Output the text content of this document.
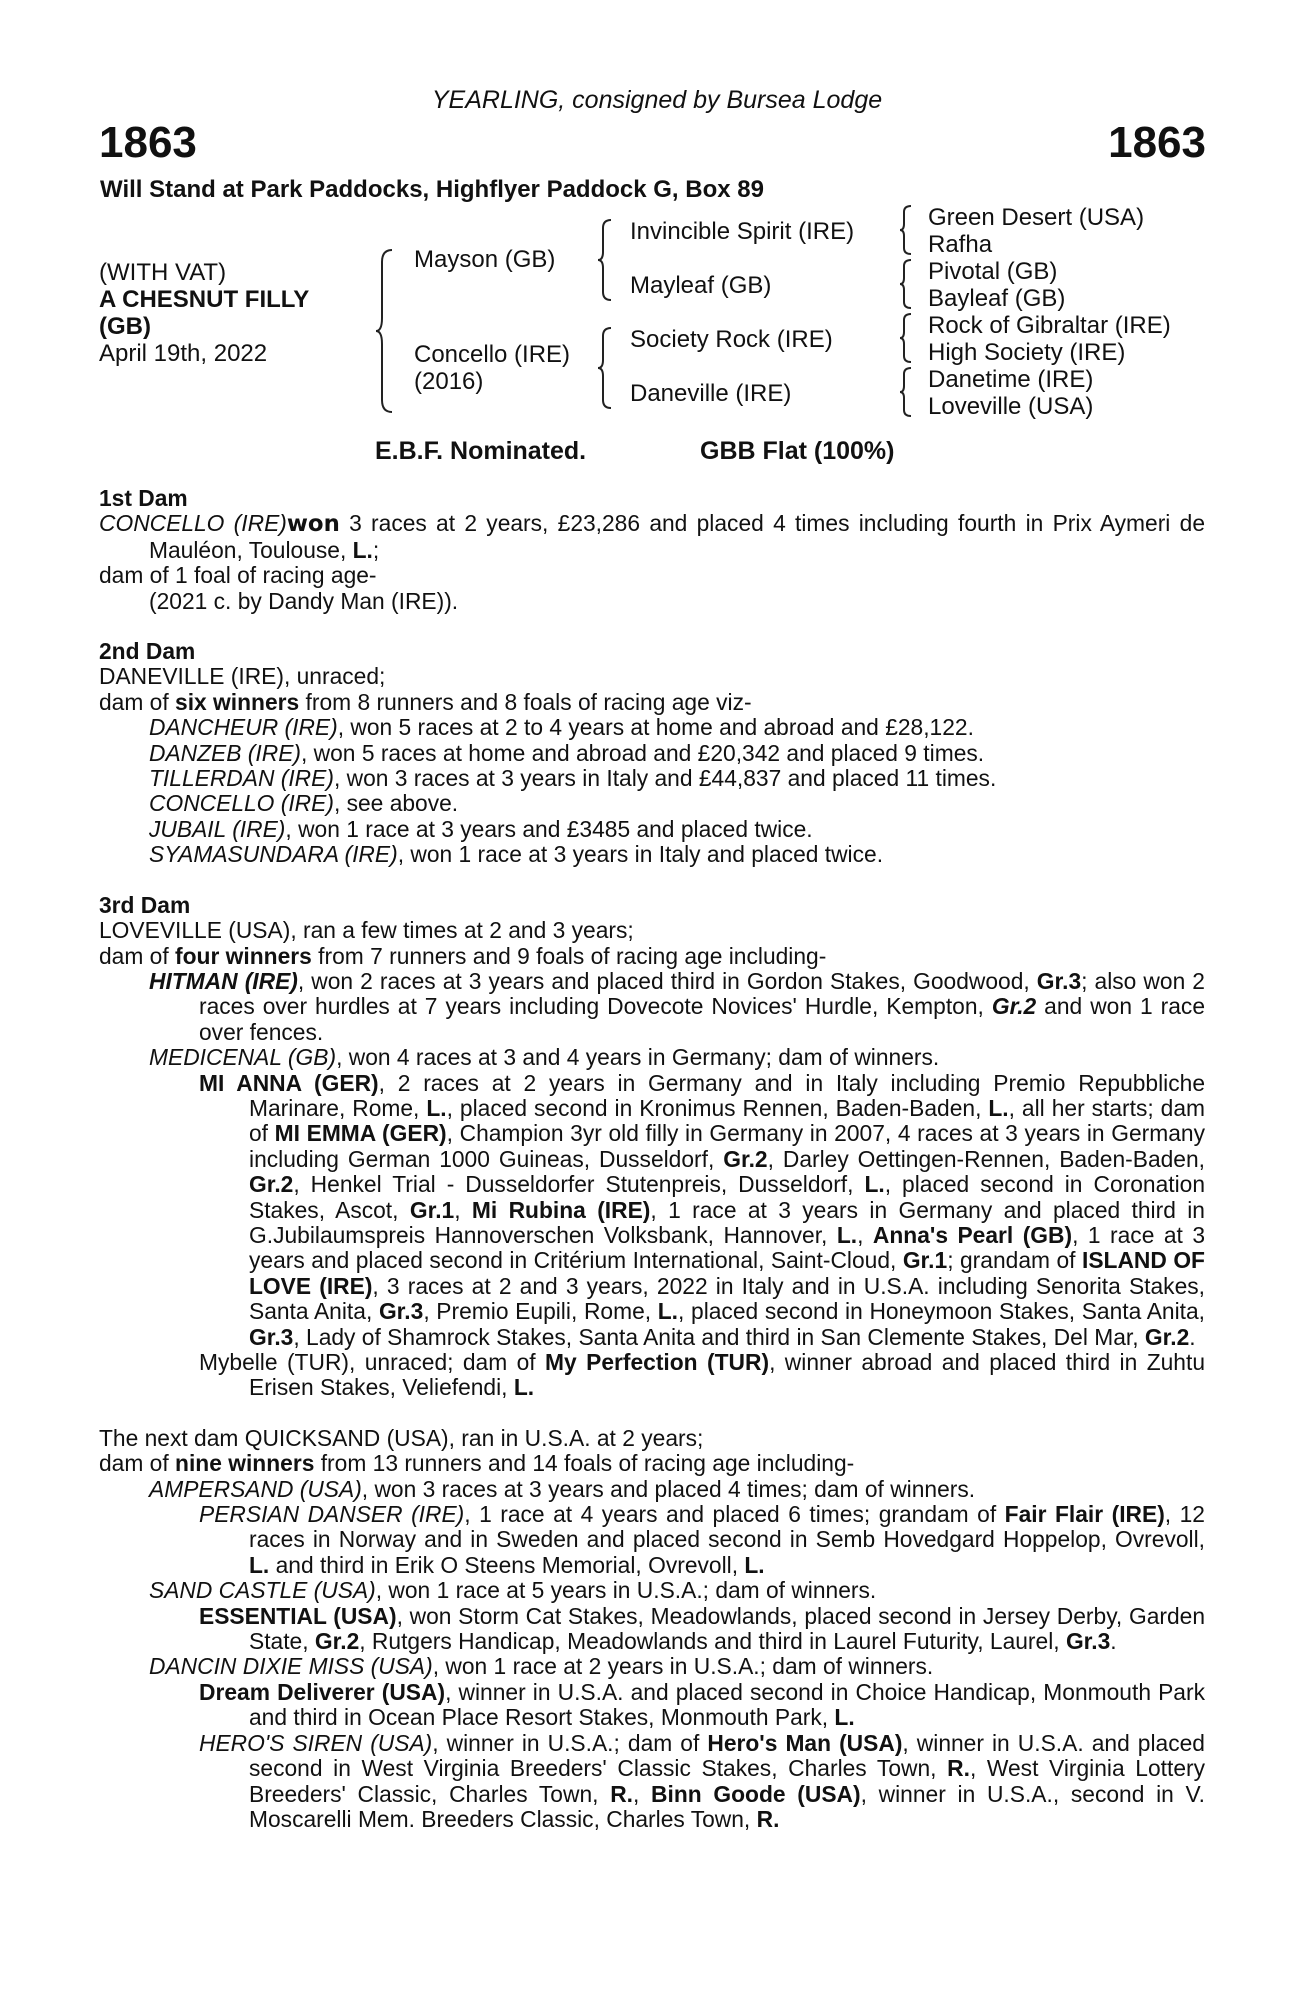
YEARLING, consigned by Bursea Lodge
1863	1863
Will Stand at Park Paddocks, Highflyer Paddock G, Box 89
(WITH VAT)
A CHESNUT FILLY
(GB)
April 19th, 2022
Mayson (GB)
Concello (IRE)
(2016)
Invincible Spirit (IRE)
Mayleaf (GB)
Society Rock (IRE)
Daneville (IRE)
Green Desert (USA)
Rafha
Pivotal (GB)
Bayleaf (GB)
Rock of Gibraltar (IRE)
High Society (IRE)
Danetime (IRE)
Loveville (USA)
E.B.F. Nominated.	GBB Flat (100%)
1st Dam

CONCELLO (IRE)won 3 races at 2 years, £23,286 and placed 4 times including fourth in Prix Aymeri de Mauléon, Toulouse, L.;

dam of 1 foal of racing age-

(2021 c. by Dandy Man (IRE)).

2nd Dam

DANEVILLE (IRE), unraced;

dam of six winners from 8 runners and 8 foals of racing age viz-

DANCHEUR (IRE), won 5 races at 2 to 4 years at home and abroad and £28,122.

DANZEB (IRE), won 5 races at home and abroad and £20,342 and placed 9 times.

TILLERDAN (IRE), won 3 races at 3 years in Italy and £44,837 and placed 11 times.

CONCELLO (IRE), see above.

JUBAIL (IRE), won 1 race at 3 years and £3485 and placed twice.

SYAMASUNDARA (IRE), won 1 race at 3 years in Italy and placed twice.

3rd Dam

LOVEVILLE (USA), ran a few times at 2 and 3 years;

dam of four winners from 7 runners and 9 foals of racing age including-

HITMAN (IRE), won 2 races at 3 years and placed third in Gordon Stakes, Goodwood, Gr.3; also won 2 races over hurdles at 7 years including Dovecote Novices' Hurdle, Kempton, Gr.2 and won 1 race over fences.

MEDICENAL (GB), won 4 races at 3 and 4 years in Germany; dam of winners.

MI ANNA (GER), 2 races at 2 years in Germany and in Italy including Premio Repubbliche Marinare, Rome, L., placed second in Kronimus Rennen, Baden-Baden, L., all her starts; dam of MI EMMA (GER), Champion 3yr old filly in Germany in 2007, 4 races at 3 years in Germany including German 1000 Guineas, Dusseldorf, Gr.2, Darley Oettingen-Rennen, Baden-Baden, Gr.2, Henkel Trial - Dusseldorfer Stutenpreis, Dusseldorf, L., placed second in Coronation Stakes, Ascot, Gr.1, Mi Rubina (IRE), 1 race at 3 years in Germany and placed third in G.Jubilaumspreis Hannoverschen Volksbank, Hannover, L., Anna's Pearl (GB), 1 race at 3 years and placed second in Critérium International, Saint-Cloud, Gr.1; grandam of ISLAND OF LOVE (IRE), 3 races at 2 and 3 years, 2022 in Italy and in U.S.A. including Senorita Stakes, Santa Anita, Gr.3, Premio Eupili, Rome, L., placed second in Honeymoon Stakes, Santa Anita, Gr.3, Lady of Shamrock Stakes, Santa Anita and third in San Clemente Stakes, Del Mar, Gr.2.

Mybelle (TUR), unraced; dam of My Perfection (TUR), winner abroad and placed third in Zuhtu Erisen Stakes, Veliefendi, L.

The next dam QUICKSAND (USA), ran in U.S.A. at 2 years;

dam of nine winners from 13 runners and 14 foals of racing age including-

AMPERSAND (USA), won 3 races at 3 years and placed 4 times; dam of winners.

PERSIAN DANSER (IRE), 1 race at 4 years and placed 6 times; grandam of Fair Flair (IRE), 12 races in Norway and in Sweden and placed second in Semb Hovedgard Hoppelop, Ovrevoll, L. and third in Erik O Steens Memorial, Ovrevoll, L.

SAND CASTLE (USA), won 1 race at 5 years in U.S.A.; dam of winners.

ESSENTIAL (USA), won Storm Cat Stakes, Meadowlands, placed second in Jersey Derby, Garden State, Gr.2, Rutgers Handicap, Meadowlands and third in Laurel Futurity, Laurel, Gr.3.

DANCIN DIXIE MISS (USA), won 1 race at 2 years in U.S.A.; dam of winners.

Dream Deliverer (USA), winner in U.S.A. and placed second in Choice Handicap, Monmouth Park and third in Ocean Place Resort Stakes, Monmouth Park, L.

HERO'S SIREN (USA), winner in U.S.A.; dam of Hero's Man (USA), winner in U.S.A. and placed second in West Virginia Breeders' Classic Stakes, Charles Town, R., West Virginia Lottery Breeders' Classic, Charles Town, R., Binn Goode (USA), winner in U.S.A., second in V. Moscarelli Mem. Breeders Classic, Charles Town, R.
